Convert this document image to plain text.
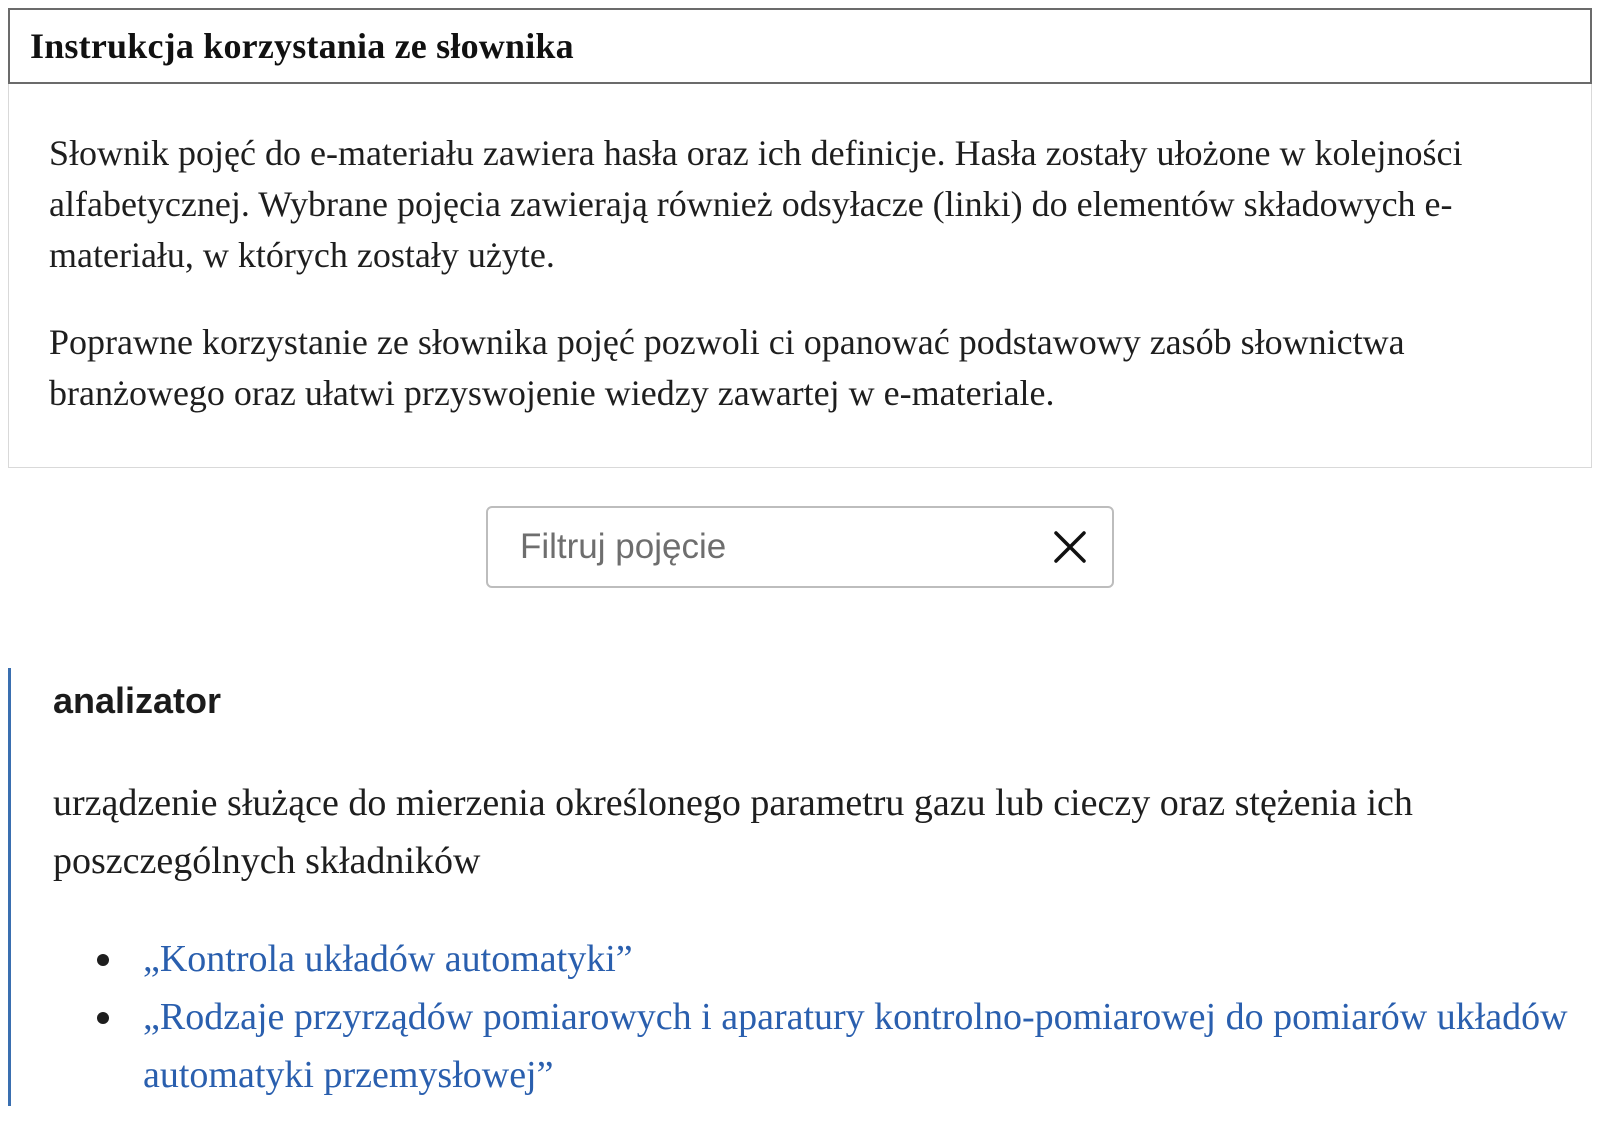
Instrukcja korzystania ze słownika

Słownik pojęć do e-materiału zawiera hasła oraz ich definicje. Hasła zostały ułożone w kolejności alfabetycznej. Wybrane pojęcia zawierają również odsyłacze (linki) do elementów składowych e-materiału, w których zostały użyte.

Poprawne korzystanie ze słownika pojęć pozwoli ci opanować podstawowy zasób słownictwa branżowego oraz ułatwi przyswojenie wiedzy zawartej w e-materiale.

Filtruj pojęcie
analizator

urządzenie służące do mierzenia określonego parametru gazu lub cieczy oraz stężenia ich poszczególnych składników

„Kontrola układów automatyki”
„Rodzaje przyrządów pomiarowych i aparatury kontrolno-pomiarowej do pomiarów układów automatyki przemysłowej”
